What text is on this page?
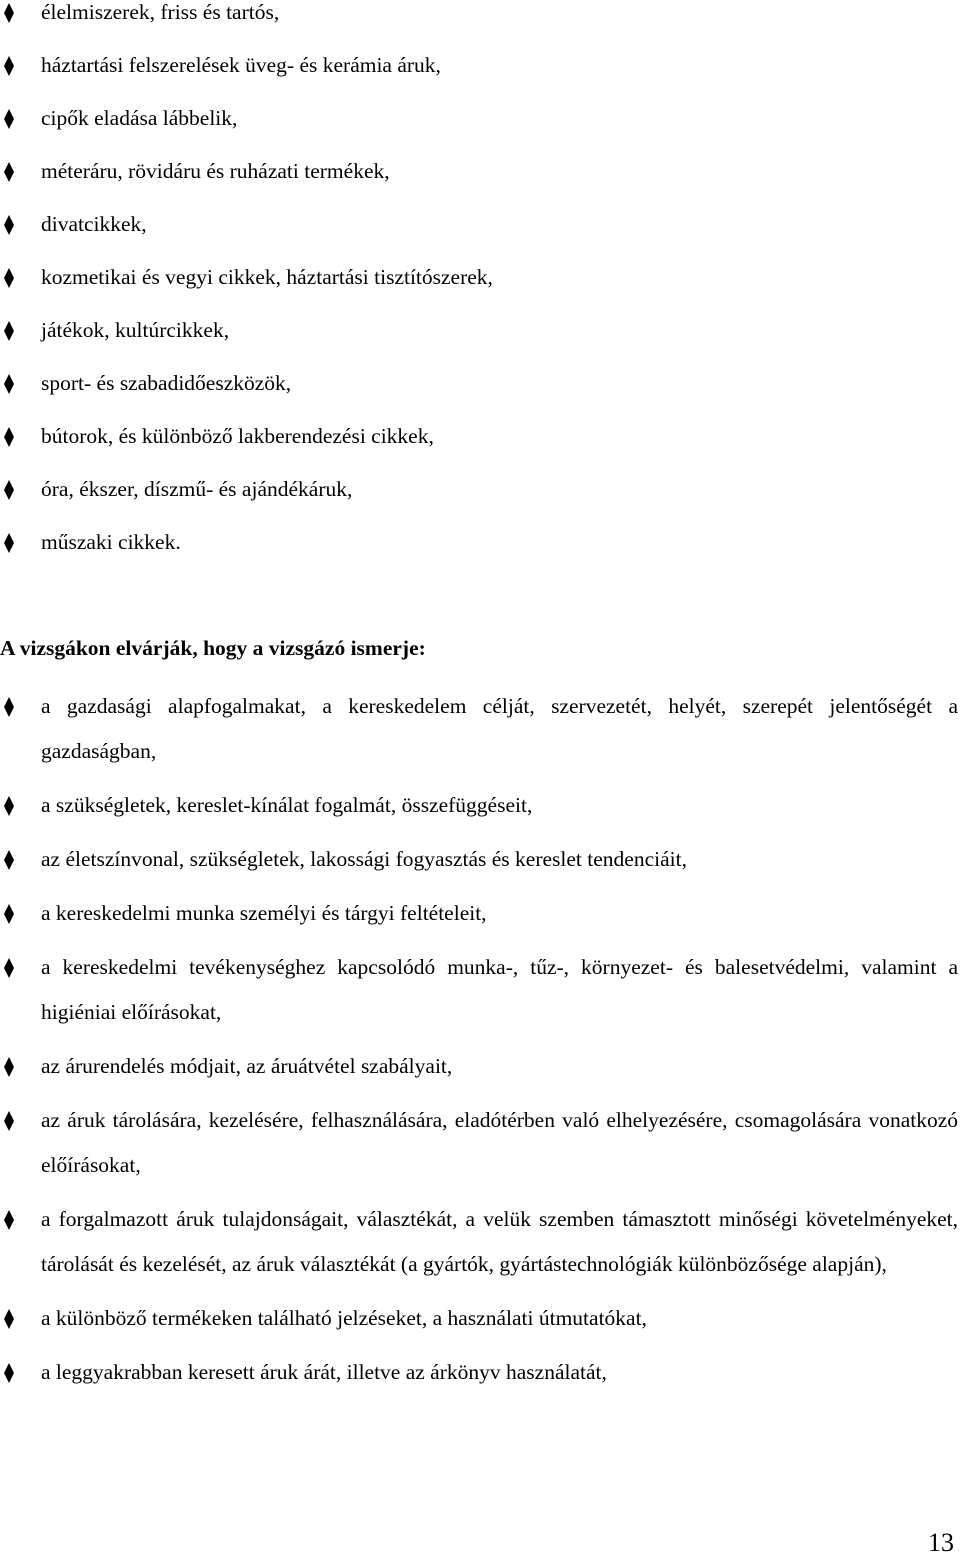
élelmiszerek, friss és tartós,
háztartási felszerelések üveg- és kerámia áruk,
cipők eladása lábbelik,
méteráru, rövidáru és ruházati termékek,
divatcikkek,
kozmetikai és vegyi cikkek, háztartási tisztítószerek,
játékok, kultúrcikkek,
sport- és szabadidőeszközök,
bútorok, és különböző lakberendezési cikkek,
óra, ékszer, díszmű- és ajándékáruk,
műszaki cikkek.

A vizsgákon elvárják, hogy a vizsgázó ismerje:

a gazdasági alapfogalmakat, a kereskedelem célját, szervezetét, helyét, szerepét jelentőségét a gazdaságban,
a szükségletek, kereslet-kínálat fogalmát, összefüggéseit,
az életszínvonal, szükségletek, lakossági fogyasztás és kereslet tendenciáit,
a kereskedelmi munka személyi és tárgyi feltételeit,
a kereskedelmi tevékenységhez kapcsolódó munka-, tűz-, környezet- és balesetvédelmi, valamint a higiéniai előírásokat,
az árurendelés módjait, az áruátvétel szabályait,
az áruk tárolására, kezelésére, felhasználására, eladótérben való elhelyezésére, csomagolására vonatkozó előírásokat,
a forgalmazott áruk tulajdonságait, választékát, a velük szemben támasztott minőségi követelményeket, tárolását és kezelését, az áruk választékát (a gyártók, gyártástechnológiák különbözősége alapján),
a különböző termékeken található jelzéseket, a használati útmutatókat,
a leggyakrabban keresett áruk árát, illetve az árkönyv használatát,
13
